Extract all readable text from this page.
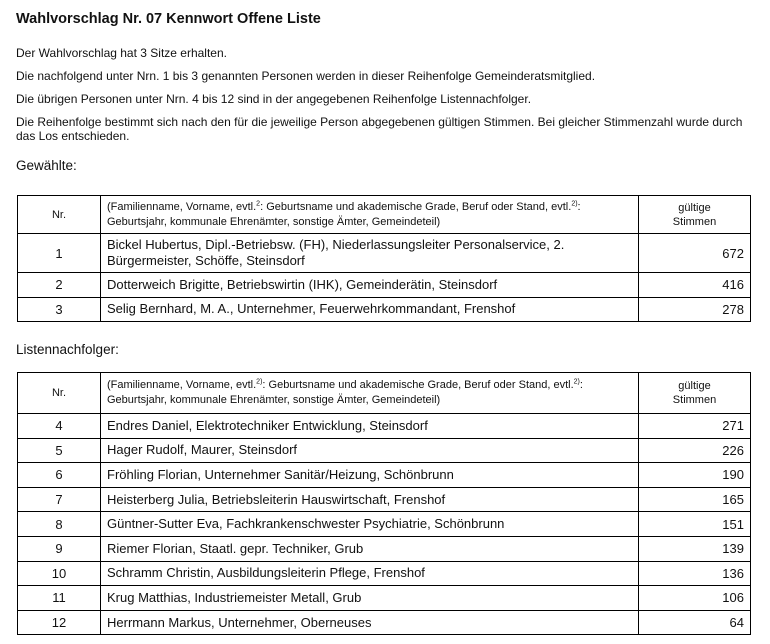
Wahlvorschlag Nr. 07 Kennwort Offene Liste
Der Wahlvorschlag hat 3 Sitze erhalten.
Die nachfolgend unter Nrn. 1 bis 3 genannten Personen werden in dieser Reihenfolge Gemeinderatsmitglied.
Die übrigen Personen unter Nrn. 4 bis 12 sind in der angegebenen Reihenfolge Listennachfolger.
Die Reihenfolge bestimmt sich nach den für die jeweilige Person abgegebenen gültigen Stimmen. Bei gleicher Stimmenzahl wurde durch das Los entschieden.
Gewählte:
Nr.	(Familienname, Vorname, evtl.$^2$: Geburtsname und akademische Grade, Beruf oder Stand, evtl.$^{2)}$: Geburtsjahr, kommunale Ehrenämter, sonstige Ämter, Gemeindeteil)	gültige Stimmen

1	Bickel Hubertus, Dipl.-Betriebsw. (FH), Niederlassungsleiter Personalservice, 2. Bürgermeister, Schöffe, Steinsdorf	672
2	Dotterweich Brigitte, Betriebswirtin (IHK), Gemeinderätin, Steinsdorf	416
3	Selig Bernhard, M. A., Unternehmer, Feuerwehrkommandant, Frenshof	278
Listennachfolger:
Nr.	(Familienname, Vorname, evtl.$^{2)}$: Geburtsname und akademische Grade, Beruf oder Stand, evtl.$^{2)}$: Geburtsjahr, kommunale Ehrenämter, sonstige Ämter, Gemeindeteil)	gültige Stimmen

4	Endres Daniel, Elektrotechniker Entwicklung, Steinsdorf	271
5	Hager Rudolf, Maurer, Steinsdorf	226
6	Fröhling Florian, Unternehmer Sanitär/Heizung, Schönbrunn	190
7	Heisterberg Julia, Betriebsleiterin Hauswirtschaft, Frenshof	165
8	Güntner-Sutter Eva, Fachkrankenschwester Psychiatrie, Schönbrunn	151
9	Riemer Florian, Staatl. gepr. Techniker, Grub	139
10	Schramm Christin, Ausbildungsleiterin Pflege, Frenshof	136
11	Krug Matthias, Industriemeister Metall, Grub	106
12	Herrmann Markus, Unternehmer, Oberneuses	64
